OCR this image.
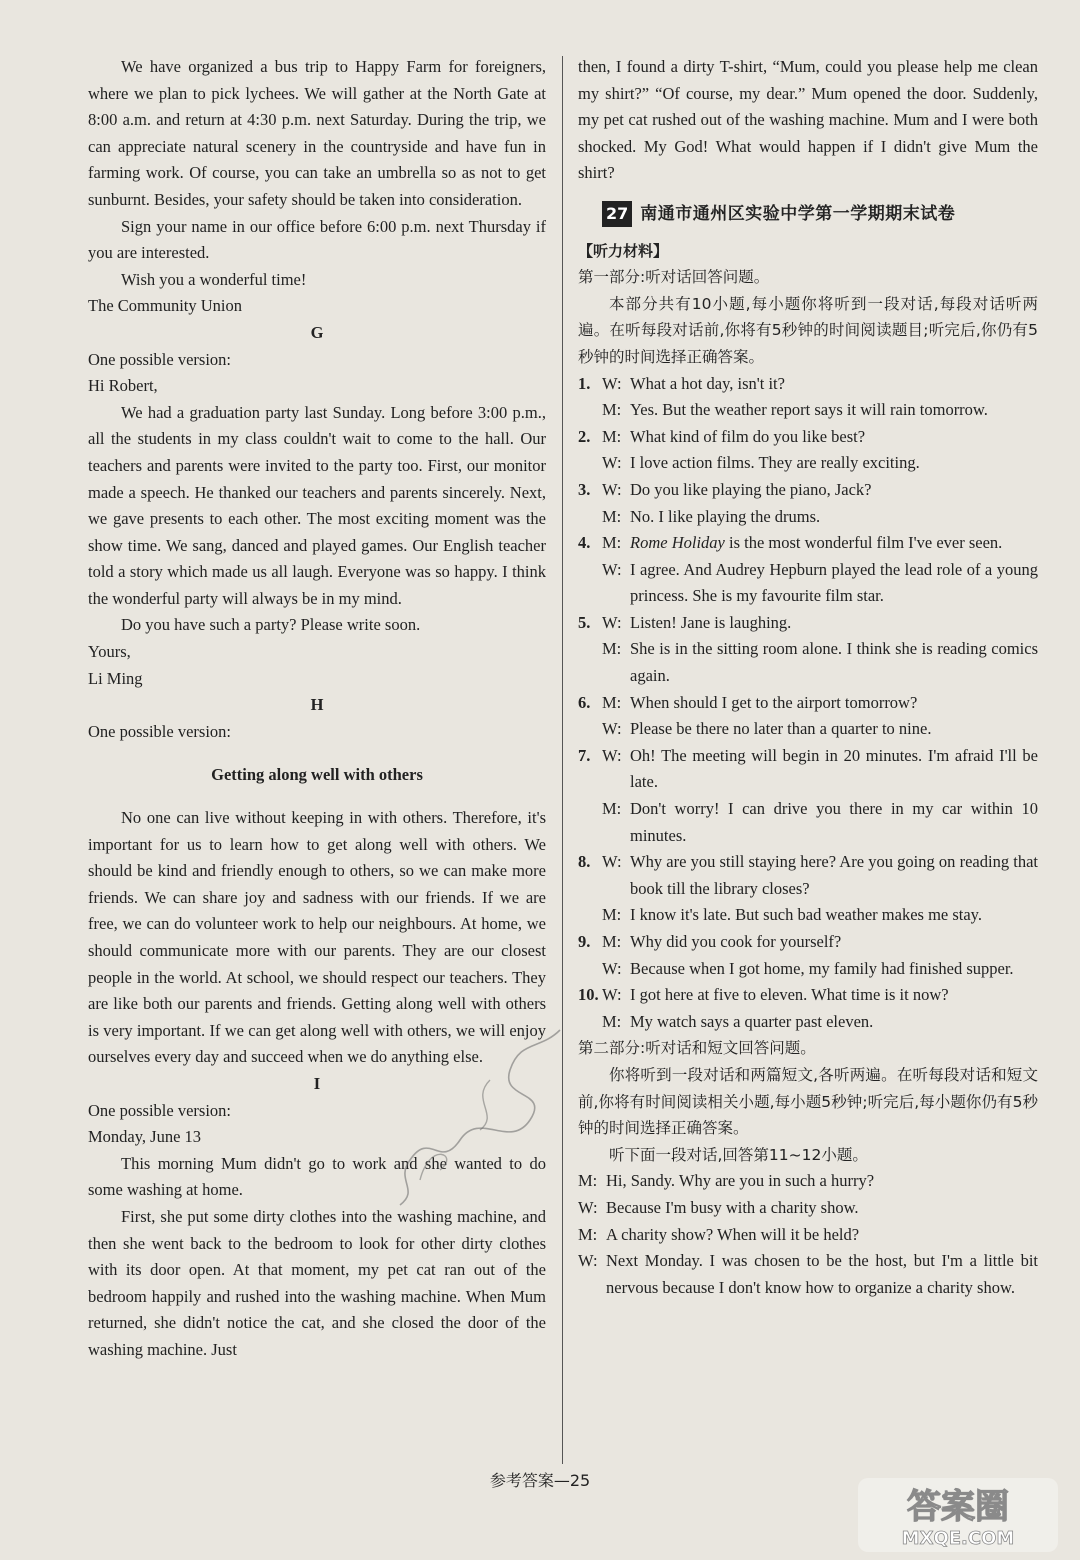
We have organized a bus trip to Happy Farm for foreigners, where we plan to pick lychees. We will gather at the North Gate at 8:00 a.m. and return at 4:30 p.m. next Saturday. During the trip, we can appreciate natural scenery in the countryside and have fun in farming work. Of course, you can take an umbrella so as not to get sunburnt. Besides, your safety should be taken into consideration.

Sign your name in our office before 6:00 p.m. next Thursday if you are interested.

Wish you a wonderful time!

The Community Union

G

One possible version:

Hi Robert,

We had a graduation party last Sunday. Long before 3:00 p.m., all the students in my class couldn't wait to come to the hall. Our teachers and parents were invited to the party too. First, our monitor made a speech. He thanked our teachers and parents sincerely. Next, we gave presents to each other. The most exciting moment was the show time. We sang, danced and played games. Our English teacher told a story which made us all laugh. Everyone was so happy. I think the wonderful party will always be in my mind.

Do you have such a party? Please write soon.

Yours,

Li Ming

H

One possible version:

Getting along well with others

No one can live without keeping in with others. Therefore, it's important for us to learn how to get along well with others. We should be kind and friendly enough to others, so we can make more friends. We can share joy and sadness with our friends. If we are free, we can do volunteer work to help our neighbours. At home, we should communicate more with our parents. They are our closest people in the world. At school, we should respect our teachers. They are like both our parents and friends. Getting along well with others is very important. If we can get along well with others, we will enjoy ourselves every day and succeed when we do anything else.

I

One possible version:

Monday, June 13

This morning Mum didn't go to work and she wanted to do some washing at home.

First, she put some dirty clothes into the washing machine, and then she went back to the bedroom to look for other dirty clothes with its door open. At that moment, my pet cat ran out of the bedroom happily and rushed into the washing machine. When Mum returned, she didn't notice the cat, and she closed the door of the washing machine. Just

then, I found a dirty T-shirt, “Mum, could you please help me clean my shirt?” “Of course, my dear.” Mum opened the door. Suddenly, my pet cat rushed out of the washing machine. Mum and I were both shocked. My God! What would happen if I didn't give Mum the shirt?

27 南通市通州区实验中学第一学期期末试卷

【听力材料】

第一部分:听对话回答问题。

本部分共有10小题,每小题你将听到一段对话,每段对话听两遍。在听每段对话前,你将有5秒钟的时间阅读题目;听完后,你仍有5秒钟的时间选择正确答案。

1. W: What a hot day, isn't it?
M: Yes. But the weather report says it will rain tomorrow.
2. M: What kind of film do you like best?
W: I love action films. They are really exciting.
3. W: Do you like playing the piano, Jack?
M: No. I like playing the drums.
4. M: Rome Holiday is the most wonderful film I've ever seen.
W: I agree. And Audrey Hepburn played the lead role of a young princess. She is my favourite film star.
5. W: Listen! Jane is laughing.
M: She is in the sitting room alone. I think she is reading comics again.
6. M: When should I get to the airport tomorrow?
W: Please be there no later than a quarter to nine.
7. W: Oh! The meeting will begin in 20 minutes. I'm afraid I'll be late.
M: Don't worry! I can drive you there in my car within 10 minutes.
8. W: Why are you still staying here? Are you going on reading that book till the library closes?
M: I know it's late. But such bad weather makes me stay.
9. M: Why did you cook for yourself?
W: Because when I got home, my family had finished supper.
10. W: I got here at five to eleven. What time is it now?
M: My watch says a quarter past eleven.

第二部分:听对话和短文回答问题。

你将听到一段对话和两篇短文,各听两遍。在听每段对话和短文前,你将有时间阅读相关小题,每小题5秒钟;听完后,每小题你仍有5秒钟的时间选择正确答案。

听下面一段对话,回答第11~12小题。

M: Hi, Sandy. Why are you in such a hurry?
W: Because I'm busy with a charity show.
M: A charity show? When will it be held?
W: Next Monday. I was chosen to be the host, but I'm a little bit nervous because I don't know how to organize a charity show.
参考答案—25
答案圈
MXQE.COM
